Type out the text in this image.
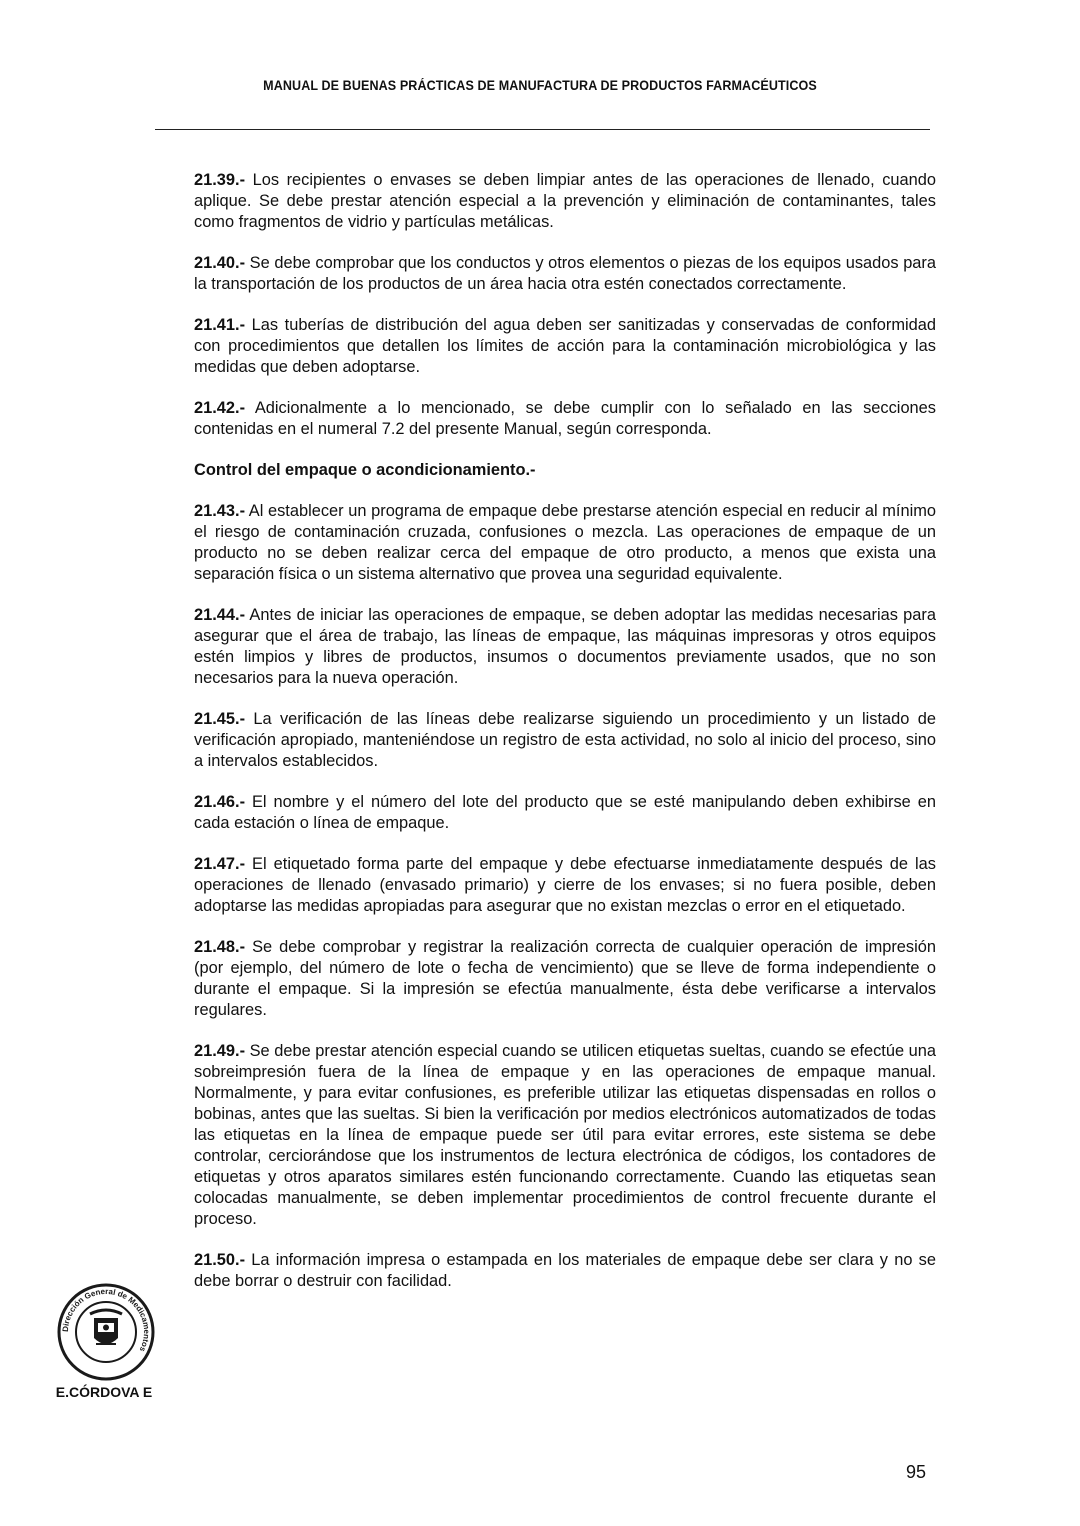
MANUAL DE BUENAS PRÁCTICAS DE MANUFACTURA DE PRODUCTOS FARMACÉUTICOS

21.39.- Los recipientes o envases se deben limpiar antes de las operaciones de llenado, cuando aplique. Se debe prestar atención especial a la prevención y eliminación de contaminantes, tales como fragmentos de vidrio y partículas metálicas.

21.40.- Se debe comprobar que los conductos y otros elementos o piezas de los equipos usados para la transportación de los productos de un área hacia otra estén conectados correctamente.

21.41.- Las tuberías de distribución del agua deben ser sanitizadas y conservadas de conformidad con procedimientos que detallen los límites de acción para la contaminación microbiológica y las medidas que deben adoptarse.

21.42.- Adicionalmente a lo mencionado, se debe cumplir con lo señalado en las secciones contenidas en el numeral 7.2 del presente Manual, según corresponda.

Control del empaque o acondicionamiento.-

21.43.- Al establecer un programa de empaque debe prestarse atención especial en reducir al mínimo el riesgo de contaminación cruzada, confusiones o mezcla. Las operaciones de empaque de un producto no se deben realizar cerca del empaque de otro producto, a menos que exista una separación física o un sistema alternativo que provea una seguridad equivalente.

21.44.- Antes de iniciar las operaciones de empaque, se deben adoptar las medidas necesarias para asegurar que el área de trabajo, las líneas de empaque, las máquinas impresoras y otros equipos estén limpios y libres de productos, insumos o documentos previamente usados, que no son necesarios para la nueva operación.

21.45.- La verificación de las líneas debe realizarse siguiendo un procedimiento y un listado de verificación apropiado, manteniéndose un registro de esta actividad, no solo al inicio del proceso, sino a intervalos establecidos.

21.46.- El nombre y el número del lote del producto que se esté manipulando deben exhibirse en cada estación o línea de empaque.

21.47.- El etiquetado forma parte del empaque y debe efectuarse inmediatamente después de las operaciones de llenado (envasado primario) y cierre de los envases; si no fuera posible, deben adoptarse las medidas apropiadas para asegurar que no existan mezclas o error en el etiquetado.

21.48.- Se debe comprobar y registrar la realización correcta de cualquier operación de impresión (por ejemplo, del número de lote o fecha de vencimiento) que se lleve de forma independiente o durante el empaque. Si la impresión se efectúa manualmente, ésta debe verificarse a intervalos regulares.

21.49.- Se debe prestar atención especial cuando se utilicen etiquetas sueltas, cuando se efectúe una sobreimpresión fuera de la línea de empaque y en las operaciones de empaque manual. Normalmente, y para evitar confusiones, es preferible utilizar las etiquetas dispensadas en rollos o bobinas, antes que las sueltas. Si bien la verificación por medios electrónicos automatizados de todas las etiquetas en la línea de empaque puede ser útil para evitar errores, este sistema se debe controlar, cerciorándose que los instrumentos de lectura electrónica de códigos, los contadores de etiquetas y otros aparatos similares estén funcionando correctamente. Cuando las etiquetas sean colocadas manualmente, se deben implementar procedimientos de control frecuente durante el proceso.

21.50.- La información impresa o estampada en los materiales de empaque debe ser clara y no se debe borrar o destruir con facilidad.

Dirección General de Medicamentos
E.CÓRDOVA E
95
